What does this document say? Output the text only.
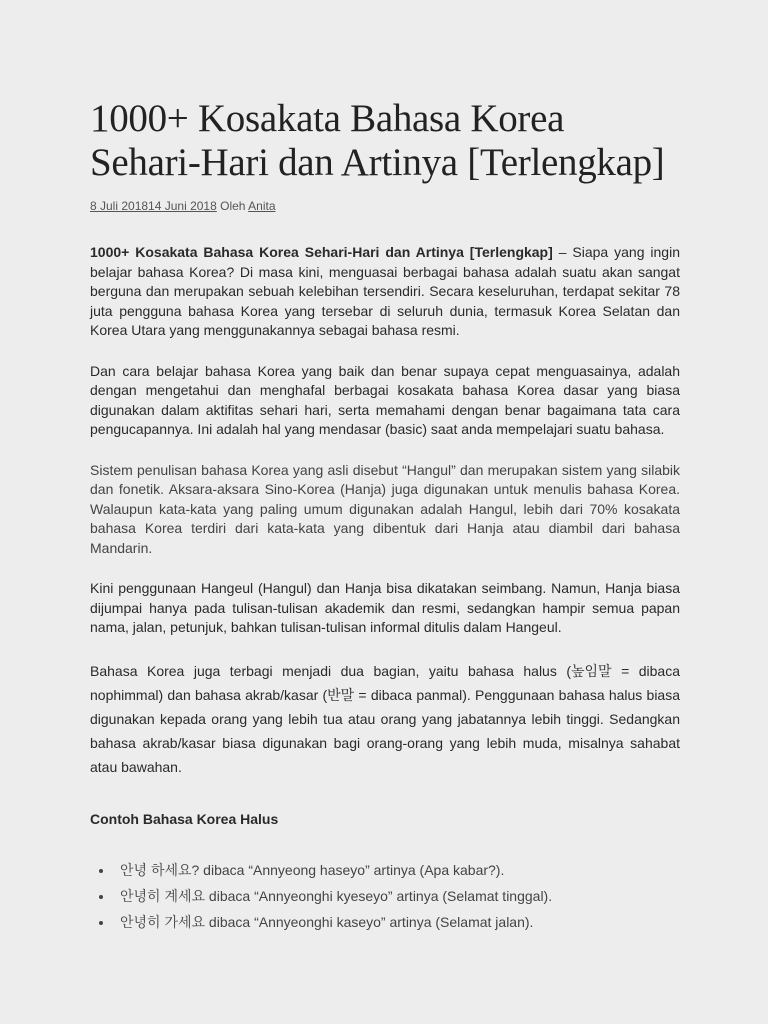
1000+ Kosakata Bahasa Korea Sehari-Hari dan Artinya [Terlengkap]
8 Juli 201814 Juni 2018 Oleh Anita

1000+ Kosakata Bahasa Korea Sehari-Hari dan Artinya [Terlengkap] – Siapa yang ingin belajar bahasa Korea? Di masa kini, menguasai berbagai bahasa adalah suatu akan sangat berguna dan merupakan sebuah kelebihan tersendiri. Secara keseluruhan, terdapat sekitar 78 juta pengguna bahasa Korea yang tersebar di seluruh dunia, termasuk Korea Selatan dan Korea Utara yang menggunakannya sebagai bahasa resmi.

Dan cara belajar bahasa Korea yang baik dan benar supaya cepat menguasainya, adalah dengan mengetahui dan menghafal berbagai kosakata bahasa Korea dasar yang biasa digunakan dalam aktifitas sehari hari, serta memahami dengan benar bagaimana tata cara pengucapannya. Ini adalah hal yang mendasar (basic) saat anda mempelajari suatu bahasa.

Sistem penulisan bahasa Korea yang asli disebut “Hangul” dan merupakan sistem yang silabik dan fonetik. Aksara-aksara Sino-Korea (Hanja) juga digunakan untuk menulis bahasa Korea. Walaupun kata-kata yang paling umum digunakan adalah Hangul, lebih dari 70% kosakata bahasa Korea terdiri dari kata-kata yang dibentuk dari Hanja atau diambil dari bahasa Mandarin.

Kini penggunaan Hangeul (Hangul) dan Hanja bisa dikatakan seimbang. Namun, Hanja biasa dijumpai hanya pada tulisan-tulisan akademik dan resmi, sedangkan hampir semua papan nama, jalan, petunjuk, bahkan tulisan-tulisan informal ditulis dalam Hangeul.

Bahasa Korea juga terbagi menjadi dua bagian, yaitu bahasa halus (높임말 = dibaca nophimmal) dan bahasa akrab/kasar (반말 = dibaca panmal). Penggunaan bahasa halus biasa digunakan kepada orang yang lebih tua atau orang yang jabatannya lebih tinggi. Sedangkan bahasa akrab/kasar biasa digunakan bagi orang-orang yang lebih muda, misalnya sahabat atau bawahan.

Contoh Bahasa Korea Halus
• 안녕 하세요? dibaca “Annyeong haseyo” artinya (Apa kabar?).
• 안녕히 계세요 dibaca “Annyeonghi kyeseyo” artinya (Selamat tinggal).
• 안녕히 가세요 dibaca “Annyeonghi kaseyo” artinya (Selamat jalan).
